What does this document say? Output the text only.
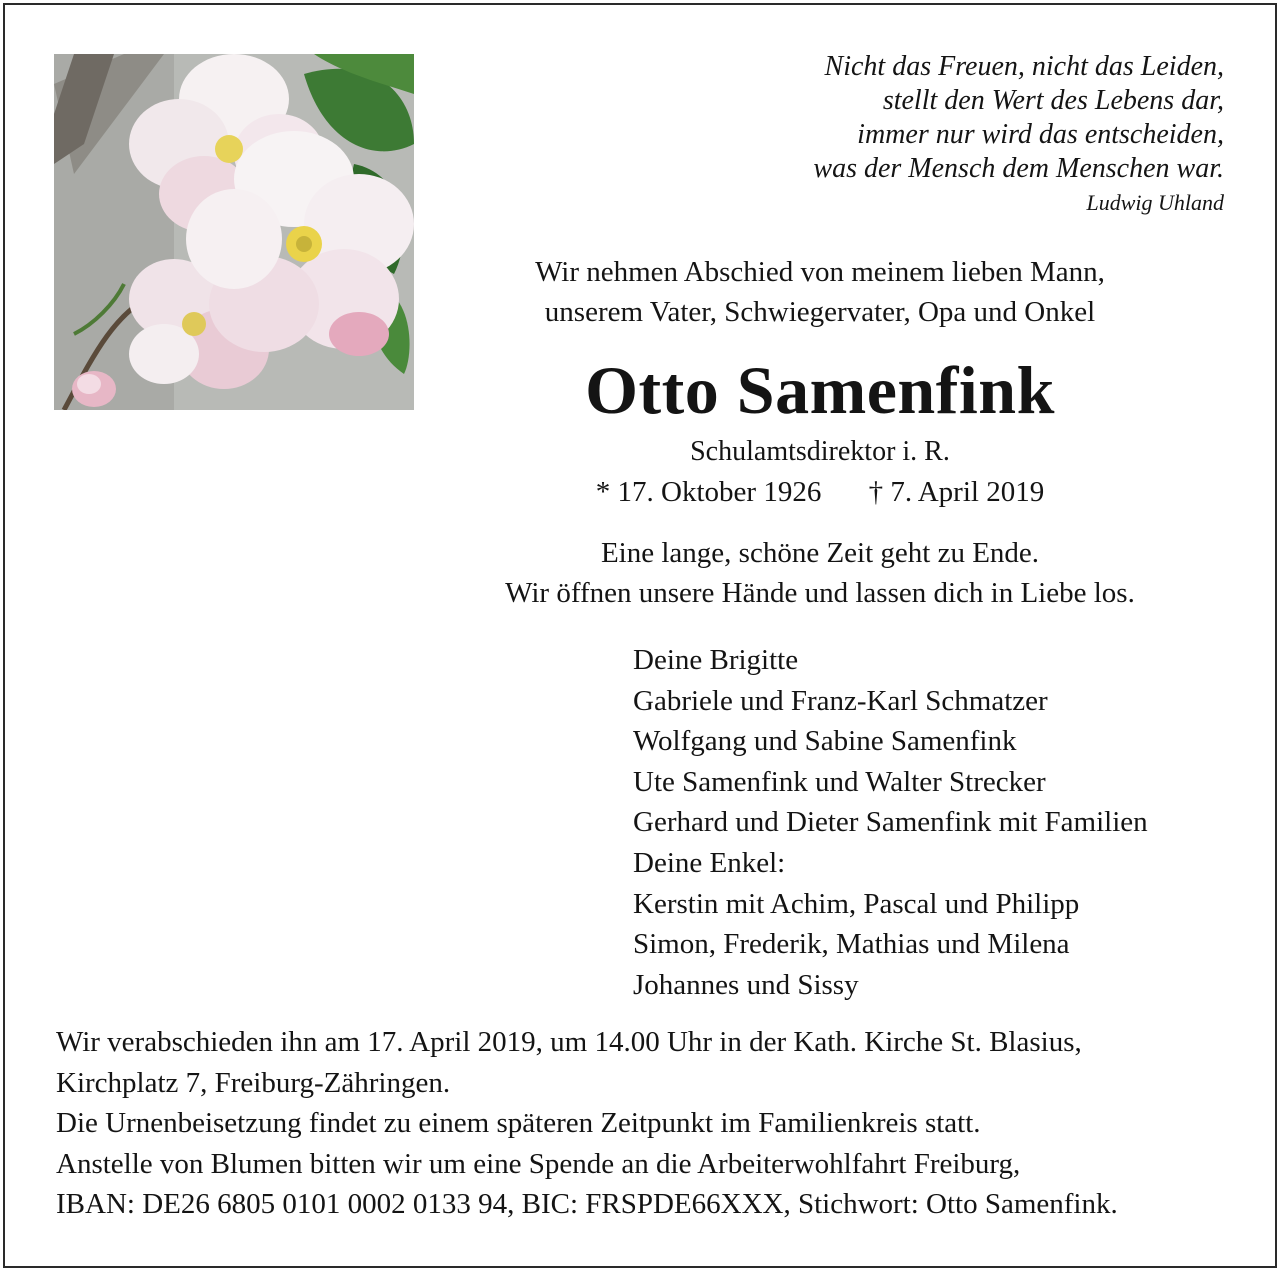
Nicht das Freuen, nicht das Leiden,
stellt den Wert des Lebens dar,
immer nur wird das entscheiden,
was der Mensch dem Menschen war.
Ludwig Uhland
Wir nehmen Abschied von meinem lieben Mann,
unserem Vater, Schwiegervater, Opa und Onkel
Otto Samenfink
Schulamtsdirektor i. R.
* 17. Oktober 1926 † 7. April 2019
Eine lange, schöne Zeit geht zu Ende.
Wir öffnen unsere Hände und lassen dich in Liebe los.
Deine Brigitte
Gabriele und Franz-Karl Schmatzer
Wolfgang und Sabine Samenfink
Ute Samenfink und Walter Strecker
Gerhard und Dieter Samenfink mit Familien
Deine Enkel:
Kerstin mit Achim, Pascal und Philipp
Simon, Frederik, Mathias und Milena
Johannes und Sissy
Wir verabschieden ihn am 17. April 2019, um 14.00 Uhr in der Kath. Kirche St. Blasius,
Kirchplatz 7, Freiburg-Zähringen.
Die Urnenbeisetzung findet zu einem späteren Zeitpunkt im Familienkreis statt.
Anstelle von Blumen bitten wir um eine Spende an die Arbeiterwohlfahrt Freiburg,
IBAN: DE26 6805 0101 0002 0133 94, BIC: FRSPDE66XXX, Stichwort: Otto Samenfink.
